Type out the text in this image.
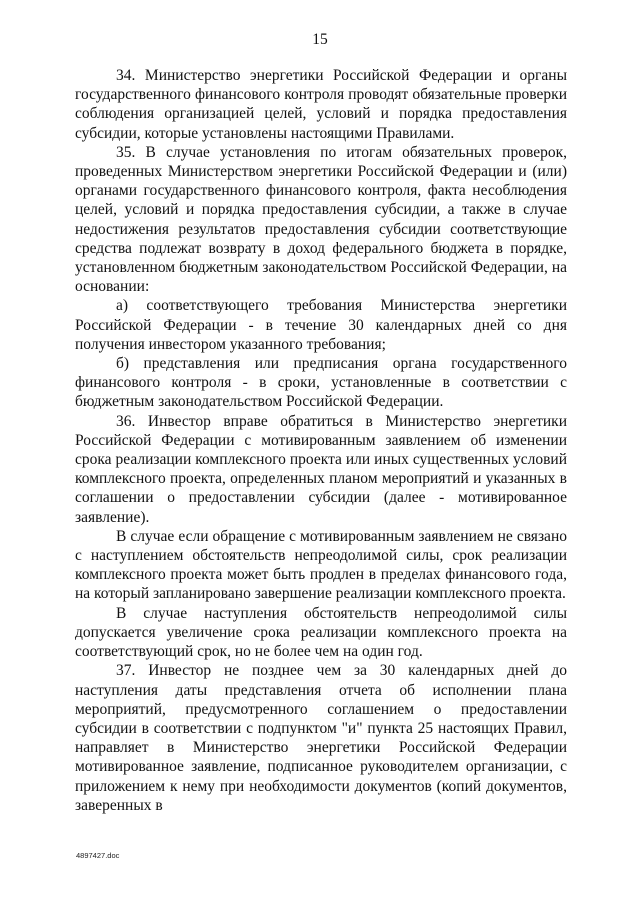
15

34. Министерство энергетики Российской Федерации и органы государственного финансового контроля проводят обязательные проверки соблюдения организацией целей, условий и порядка предоставления субсидии, которые установлены настоящими Правилами.

35. В случае установления по итогам обязательных проверок, проведенных Министерством энергетики Российской Федерации и (или) органами государственного финансового контроля, факта несоблюдения целей, условий и порядка предоставления субсидии, а также в случае недостижения результатов предоставления субсидии соответствующие средства подлежат возврату в доход федерального бюджета в порядке, установленном бюджетным законодательством Российской Федерации, на основании:

а) соответствующего требования Министерства энергетики Российской Федерации - в течение 30 календарных дней со дня получения инвестором указанного требования;

б) представления или предписания органа государственного финансового контроля - в сроки, установленные в соответствии с бюджетным законодательством Российской Федерации.

36. Инвестор вправе обратиться в Министерство энергетики Российской Федерации с мотивированным заявлением об изменении срока реализации комплексного проекта или иных существенных условий комплексного проекта, определенных планом мероприятий и указанных в соглашении о предоставлении субсидии (далее - мотивированное заявление).

В случае если обращение с мотивированным заявлением не связано с наступлением обстоятельств непреодолимой силы, срок реализации комплексного проекта может быть продлен в пределах финансового года, на который запланировано завершение реализации комплексного проекта.

В случае наступления обстоятельств непреодолимой силы допускается увеличение срока реализации комплексного проекта на соответствующий срок, но не более чем на один год.

37. Инвестор не позднее чем за 30 календарных дней до наступления даты представления отчета об исполнении плана мероприятий, предусмотренного соглашением о предоставлении субсидии в соответствии с подпунктом "и" пункта 25 настоящих Правил, направляет в Министерство энергетики Российской Федерации мотивированное заявление, подписанное руководителем организации, с приложением к нему при необходимости документов (копий документов, заверенных в

4897427.doc
